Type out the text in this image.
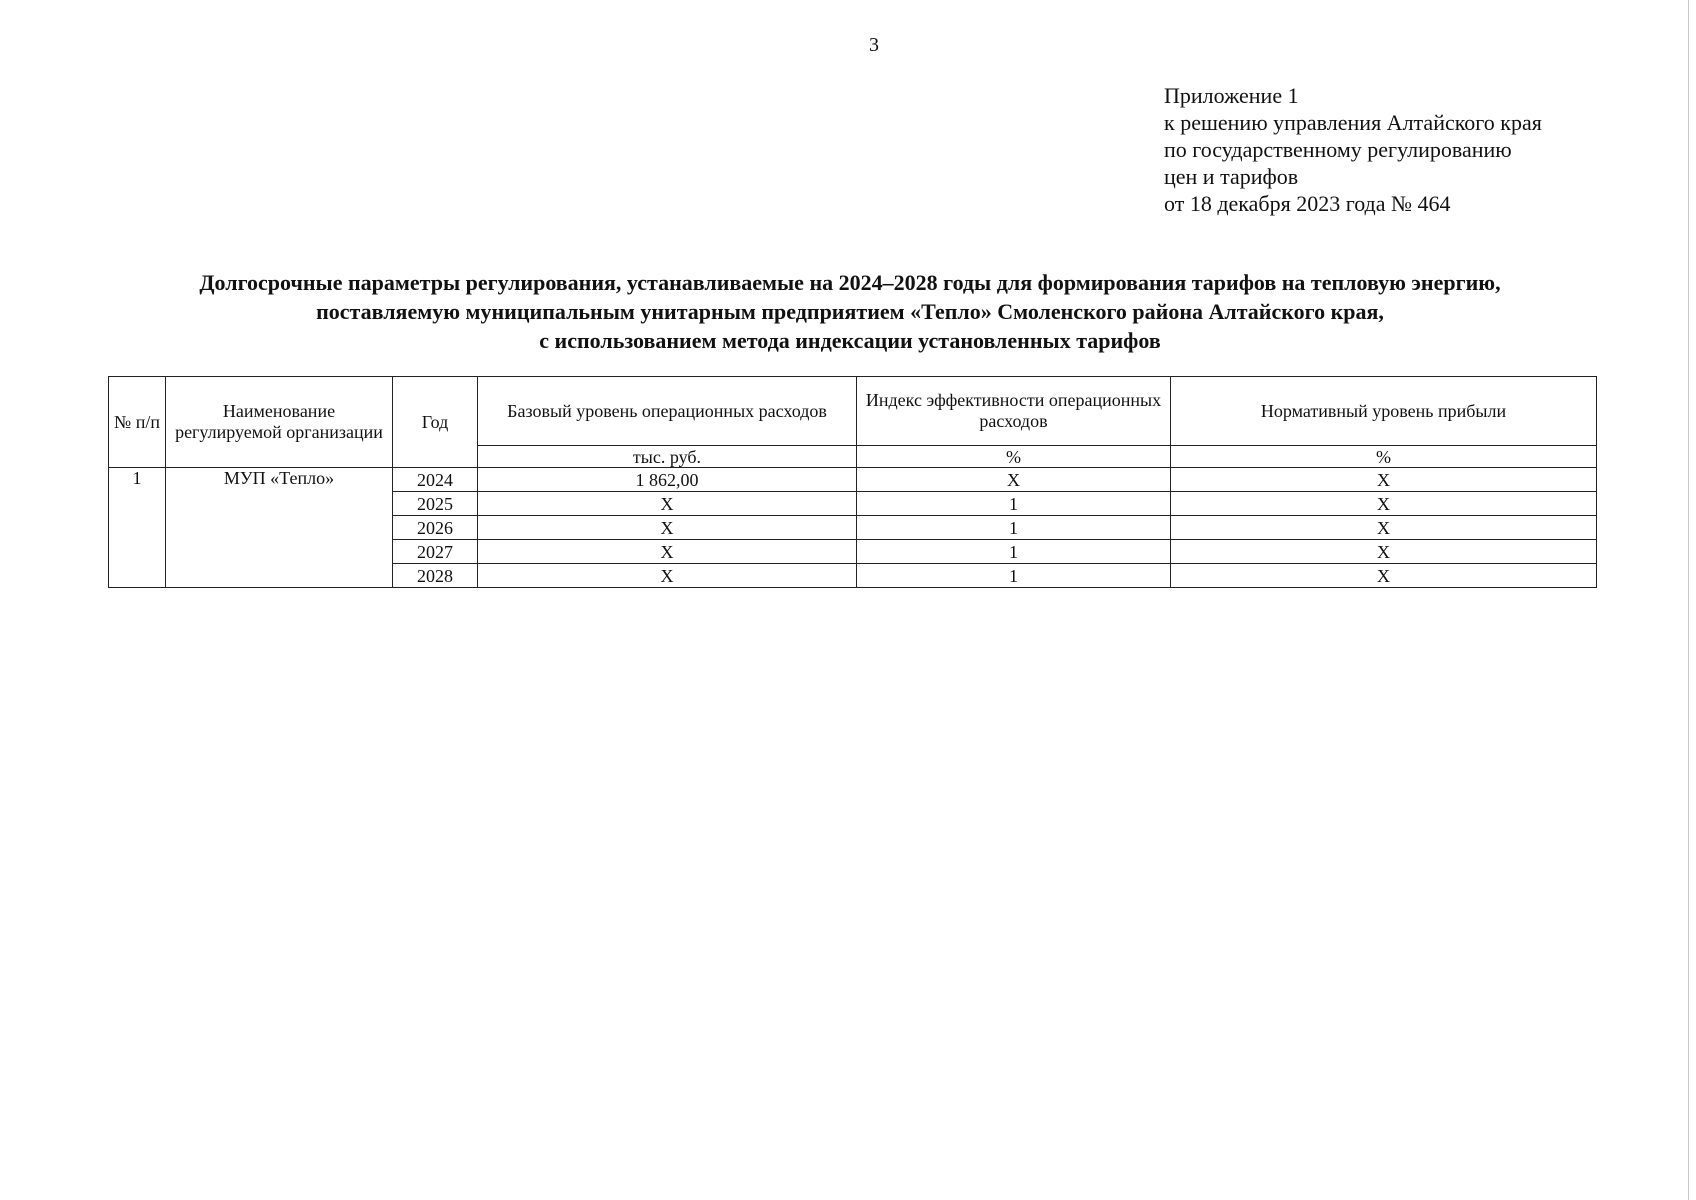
3
Приложение 1
к решению управления Алтайского края
по государственному регулированию
цен и тарифов
от 18 декабря 2023 года № 464
Долгосрочные параметры регулирования, устанавливаемые на 2024–2028 годы для формирования тарифов на тепловую энергию,
поставляемую муниципальным унитарным предприятием «Тепло» Смоленского района Алтайского края,
с использованием метода индексации установленных тарифов
№ п/п	Наименование регулируемой организации	Год	Базовый уровень операционных расходов	Индекс эффективности операционных расходов	Нормативный уровень прибыли
			тыс. руб.	%	%
1	МУП «Тепло»	2024	1 862,00	Х	Х
		2025	Х	1	Х
		2026	Х	1	Х
		2027	Х	1	Х
		2028	Х	1	Х
